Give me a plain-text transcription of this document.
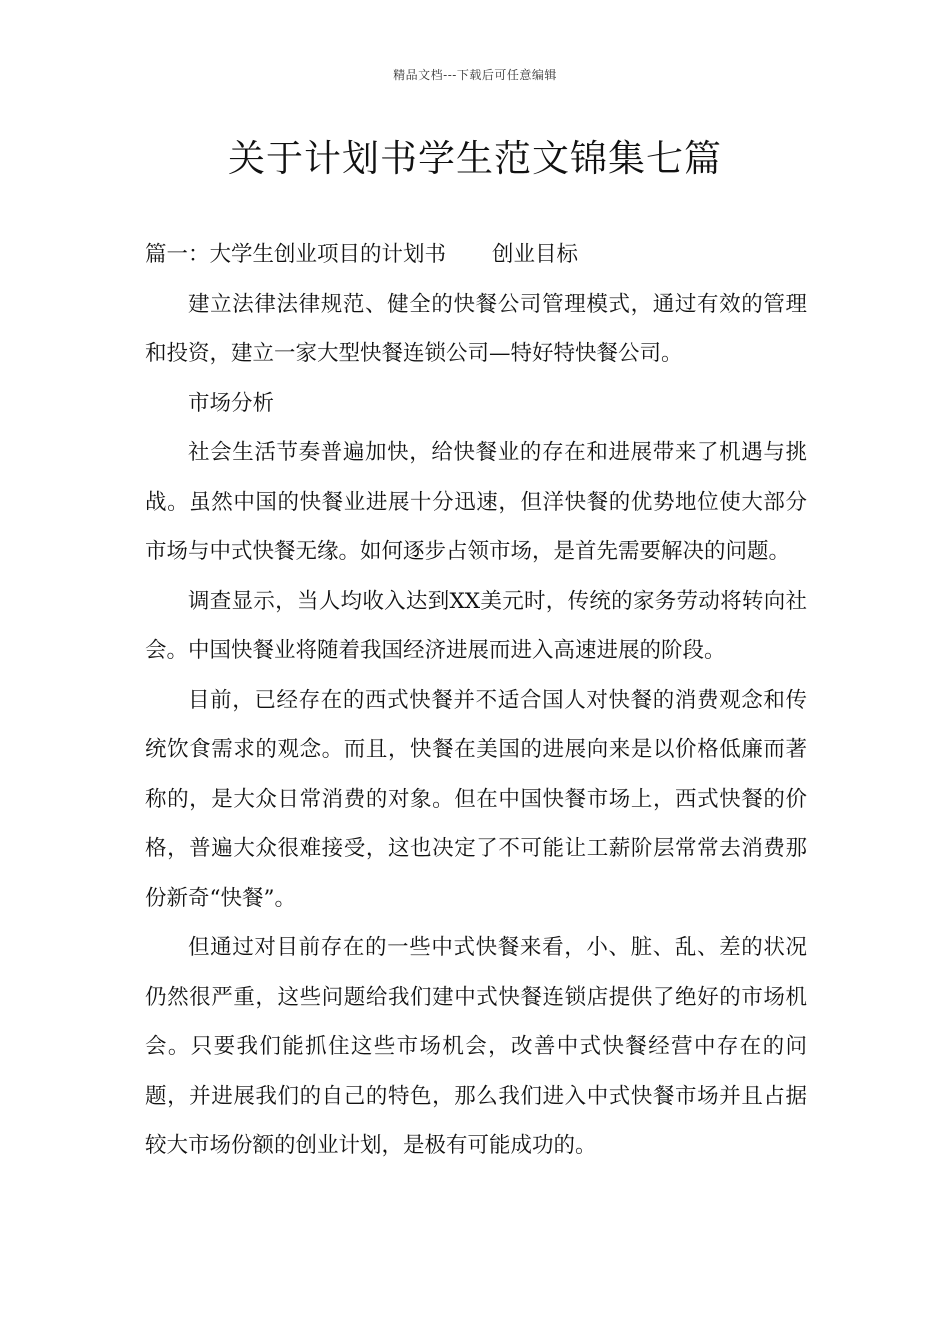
精品文档---下载后可任意编辑
关于计划书学生范文锦集七篇

篇一：大学生创业项目的计划书 创业目标

建立法律法律规范、健全的快餐公司管理模式，通过有效的管理和投资，建立一家大型快餐连锁公司—特好特快餐公司。

市场分析

社会生活节奏普遍加快，给快餐业的存在和进展带来了机遇与挑战。虽然中国的快餐业进展十分迅速，但洋快餐的优势地位使大部分市场与中式快餐无缘。如何逐步占领市场，是首先需要解决的问题。

调查显示，当人均收入达到XX美元时，传统的家务劳动将转向社会。中国快餐业将随着我国经济进展而进入高速进展的阶段。

目前，已经存在的西式快餐并不适合国人对快餐的消费观念和传统饮食需求的观念。而且，快餐在美国的进展向来是以价格低廉而著称的，是大众日常消费的对象。但在中国快餐市场上，西式快餐的价格，普遍大众很难接受，这也决定了不可能让工薪阶层常常去消费那份新奇“快餐”。

但通过对目前存在的一些中式快餐来看，小、脏、乱、差的状况仍然很严重，这些问题给我们建中式快餐连锁店提供了绝好的市场机会。只要我们能抓住这些市场机会，改善中式快餐经营中存在的问题，并进展我们的自己的特色，那么我们进入中式快餐市场并且占据较大市场份额的创业计划，是极有可能成功的。
